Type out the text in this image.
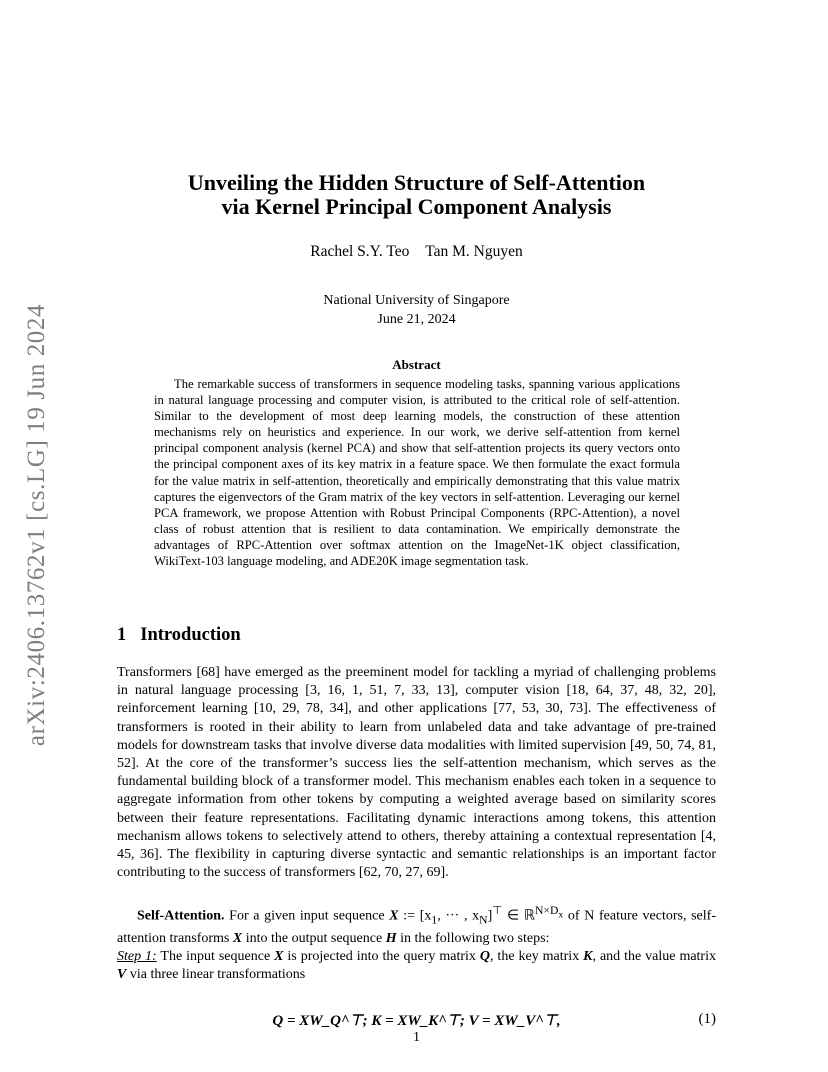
arXiv:2406.13762v1 [cs.LG] 19 Jun 2024
Unveiling the Hidden Structure of Self-Attention
via Kernel Principal Component Analysis
Rachel S.Y. Teo Tan M. Nguyen
National University of Singapore
June 21, 2024
Abstract
The remarkable success of transformers in sequence modeling tasks, spanning various applications in natural language processing and computer vision, is attributed to the critical role of self-attention. Similar to the development of most deep learning models, the construction of these attention mechanisms rely on heuristics and experience. In our work, we derive self-attention from kernel principal component analysis (kernel PCA) and show that self-attention projects its query vectors onto the principal component axes of its key matrix in a feature space. We then formulate the exact formula for the value matrix in self-attention, theoretically and empirically demonstrating that this value matrix captures the eigenvectors of the Gram matrix of the key vectors in self-attention. Leveraging our kernel PCA framework, we propose Attention with Robust Principal Components (RPC-Attention), a novel class of robust attention that is resilient to data contamination. We empirically demonstrate the advantages of RPC-Attention over softmax attention on the ImageNet-1K object classification, WikiText-103 language modeling, and ADE20K image segmentation task.
1 Introduction
Transformers [68] have emerged as the preeminent model for tackling a myriad of challenging problems in natural language processing [3, 16, 1, 51, 7, 33, 13], computer vision [18, 64, 37, 48, 32, 20], reinforcement learning [10, 29, 78, 34], and other applications [77, 53, 30, 73]. The effectiveness of transformers is rooted in their ability to learn from unlabeled data and take advantage of pre-trained models for downstream tasks that involve diverse data modalities with limited supervision [49, 50, 74, 81, 52]. At the core of the transformer’s success lies the self-attention mechanism, which serves as the fundamental building block of a transformer model. This mechanism enables each token in a sequence to aggregate information from other tokens by computing a weighted average based on similarity scores between their feature representations. Facilitating dynamic interactions among tokens, this attention mechanism allows tokens to selectively attend to others, thereby attaining a contextual representation [4, 45, 36]. The flexibility in capturing diverse syntactic and semantic relationships is an important factor contributing to the success of transformers [62, 70, 27, 69].
Self-Attention. For a given input sequence X := [$x_1$, ··· , $x_N]^⊤$ ∈ ℝ$^{N\times D_x}$ of N feature vectors, self-attention transforms X into the output sequence H in the following two steps:
Step 1: The input sequence X is projected into the query matrix Q, the key matrix K, and the value matrix V via three linear transformations
Q = XW_Q^⊤; K = XW_K^⊤; V = XW_V^⊤,	(1)
1
